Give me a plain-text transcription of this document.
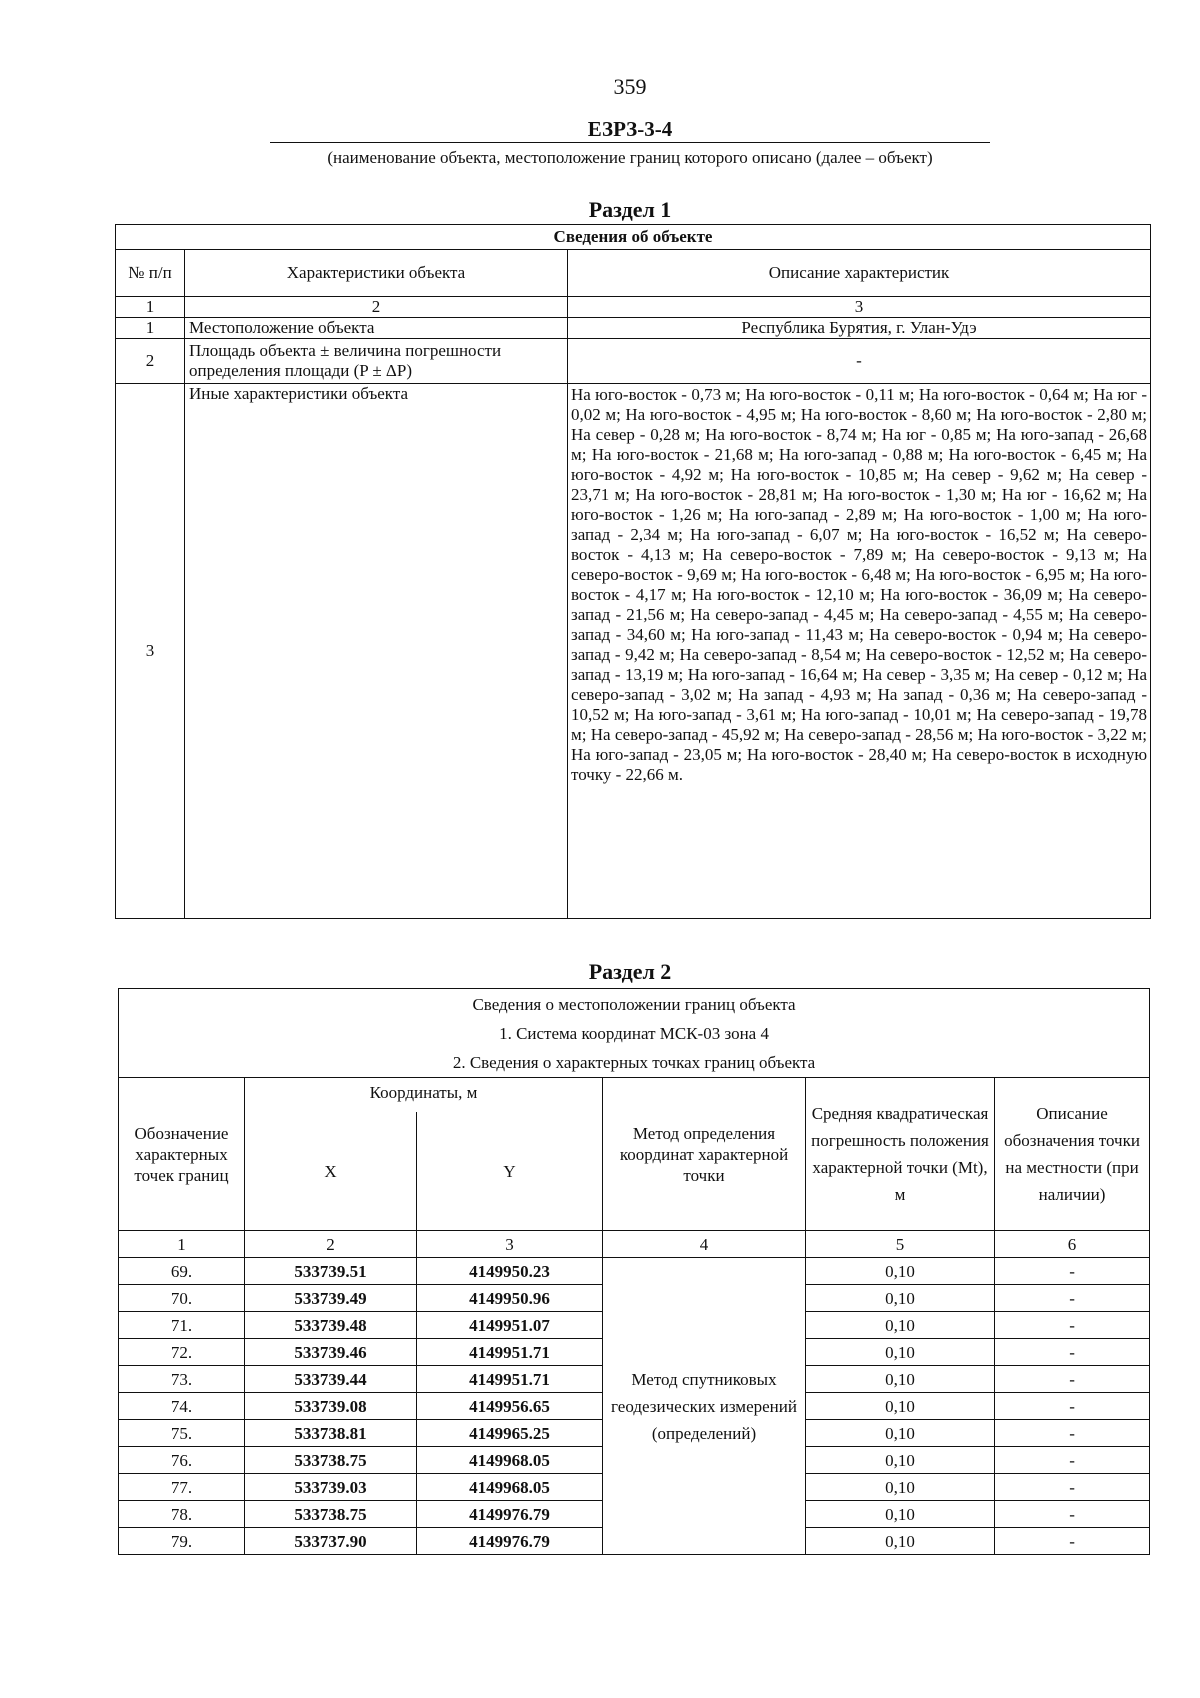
359
ЕЗРЗ-3-4
(наименование объекта, местоположение границ которого описано (далее – объект)
Раздел 1
Сведения об объекте		
№ п/п	Характеристики объекта	Описание характеристик
1	2	3
1	Местоположение объекта	Республика Бурятия, г. Улан-Удэ
2	Площадь объекта ± величина погрешности определения площади (P ± ΔP)	-
3	Иные характеристики объекта	На юго-восток - 0,73 м; На юго-восток - 0,11 м; На юго-восток - 0,64 м; На юг - 0,02 м; На юго-восток - 4,95 м; На юго-восток - 8,60 м; На юго-восток - 2,80 м; На север - 0,28 м; На юго-восток - 8,74 м; На юг - 0,85 м; На юго-запад - 26,68 м; На юго-восток - 21,68 м; На юго-запад - 0,88 м; На юго-восток - 6,45 м; На юго-восток - 4,92 м; На юго-восток - 10,85 м; На север - 9,62 м; На север - 23,71 м; На юго-восток - 28,81 м; На юго-восток - 1,30 м; На юг - 16,62 м; На юго-восток - 1,26 м; На юго-запад - 2,89 м; На юго-восток - 1,00 м; На юго-запад - 2,34 м; На юго-запад - 6,07 м; На юго-восток - 16,52 м; На северо-восток - 4,13 м; На северо-восток - 7,89 м; На северо-восток - 9,13 м; На северо-восток - 9,69 м; На юго-восток - 6,48 м; На юго-восток - 6,95 м; На юго-восток - 4,17 м; На юго-восток - 12,10 м; На юго-восток - 36,09 м; На северо-запад - 21,56 м; На северо-запад - 4,45 м; На северо-запад - 4,55 м; На северо-запад - 34,60 м; На юго-запад - 11,43 м; На северо-восток - 0,94 м; На северо-запад - 9,42 м; На северо-запад - 8,54 м; На северо-восток - 12,52 м; На северо-запад - 13,19 м; На юго-запад - 16,64 м; На север - 3,35 м; На север - 0,12 м; На северо-запад - 3,02 м; На запад - 4,93 м; На запад - 0,36 м; На северо-запад - 10,52 м; На юго-запад - 3,61 м; На юго-запад - 10,01 м; На северо-запад - 19,78 м; На северо-запад - 45,92 м; На северо-запад - 28,56 м; На юго-восток - 3,22 м; На юго-запад - 23,05 м; На юго-восток - 28,40 м; На северо-восток в исходную точку - 22,66 м.
Раздел 2
Сведения о местоположении границ объекта
1. Система координат МСК-03 зона 4
2. Сведения о характерных точках границ объекта					

Обозначение характерных точек границ	Координаты, м		Метод определения координат характерной точки	Средняя квадратическая погрешность положения характерной точки (Mt), м	Описание обозначения точки на местности (при наличии)
	X	Y			
1	2	3	4	5	6
69.	533739.51	4149950.23	Метод спутниковых геодезических измерений (определений)	0,10	-
70.	533739.49	4149950.96		0,10	-
71.	533739.48	4149951.07		0,10	-
72.	533739.46	4149951.71		0,10	-
73.	533739.44	4149951.71		0,10	-
74.	533739.08	4149956.65		0,10	-
75.	533738.81	4149965.25		0,10	-
76.	533738.75	4149968.05		0,10	-
77.	533739.03	4149968.05		0,10	-
78.	533738.75	4149976.79		0,10	-
79.	533737.90	4149976.79		0,10	-
